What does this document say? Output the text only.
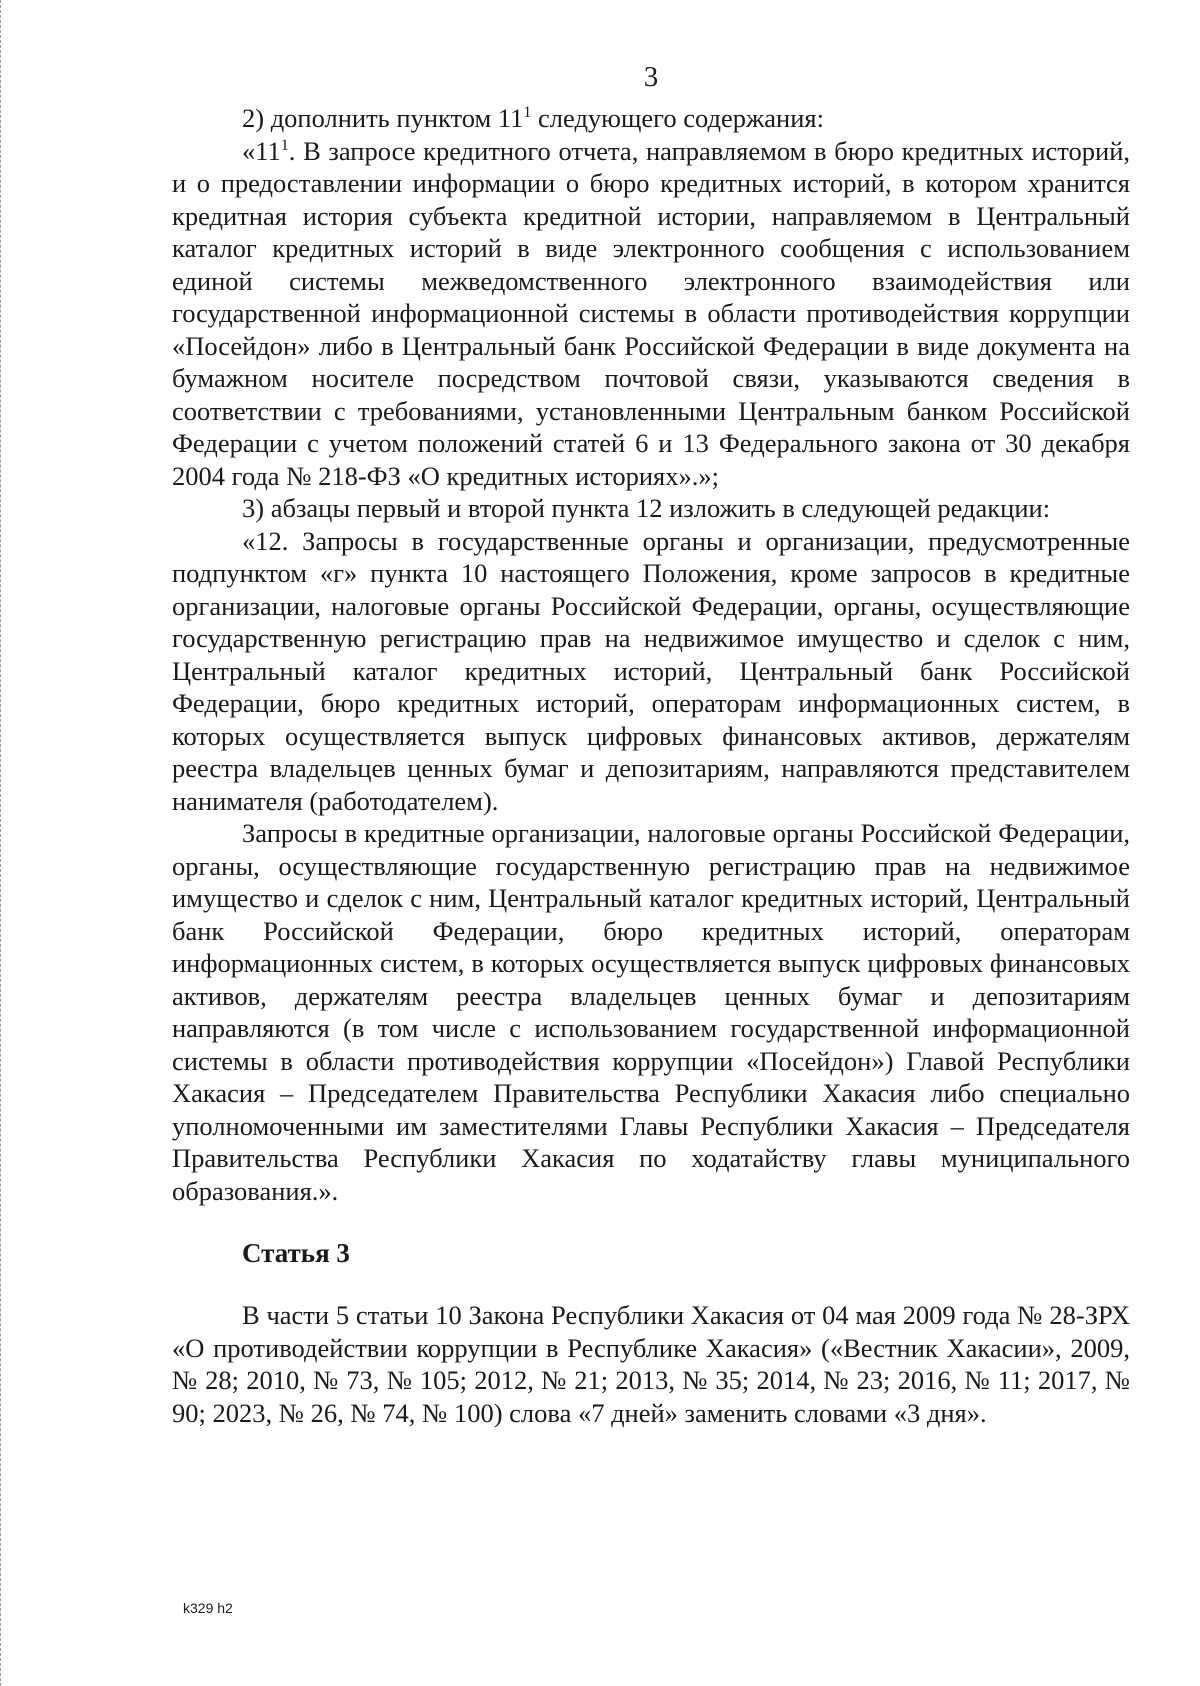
3

2) дополнить пунктом $11^1$ следующего содержания:

«$11^1$. В запросе кредитного отчета, направляемом в бюро кредитных историй, и о предоставлении информации о бюро кредитных историй, в котором хранится кредитная история субъекта кредитной истории, направляемом в Центральный каталог кредитных историй в виде электронного сообщения с использованием единой системы межведомственного электронного взаимодействия или государственной информационной системы в области противодействия коррупции «Посейдон» либо в Центральный банк Российской Федерации в виде документа на бумажном носителе посредством почтовой связи, указываются сведения в соответствии с требованиями, установленными Центральным банком Российской Федерации с учетом положений статей 6 и 13 Федерального закона от 30 декабря 2004 года № 218-ФЗ «О кредитных историях».»;

3) абзацы первый и второй пункта 12 изложить в следующей редакции:

«12. Запросы в государственные органы и организации, предусмотренные подпунктом «г» пункта 10 настоящего Положения, кроме запросов в кредитные организации, налоговые органы Российской Федерации, органы, осуществляющие государственную регистрацию прав на недвижимое имущество и сделок с ним, Центральный каталог кредитных историй, Центральный банк Российской Федерации, бюро кредитных историй, операторам информационных систем, в которых осуществляется выпуск цифровых финансовых активов, держателям реестра владельцев ценных бумаг и депозитариям, направляются представителем нанимателя (работодателем).

Запросы в кредитные организации, налоговые органы Российской Федерации, органы, осуществляющие государственную регистрацию прав на недвижимое имущество и сделок с ним, Центральный каталог кредитных историй, Центральный банк Российской Федерации, бюро кредитных историй, операторам информационных систем, в которых осуществляется выпуск цифровых финансовых активов, держателям реестра владельцев ценных бумаг и депозитариям направляются (в том числе с использованием государственной информационной системы в области противодействия коррупции «Посейдон») Главой Республики Хакасия – Председателем Правительства Республики Хакасия либо специально уполномоченными им заместителями Главы Республики Хакасия – Председателя Правительства Республики Хакасия по ходатайству главы муниципального образования.».

Статья 3

В части 5 статьи 10 Закона Республики Хакасия от 04 мая 2009 года № 28-ЗРХ «О противодействии коррупции в Республике Хакасия» («Вестник Хакасии», 2009, № 28; 2010, № 73, № 105; 2012, № 21; 2013, № 35; 2014, № 23; 2016, № 11; 2017, № 90; 2023, № 26, № 74, № 100) слова «7 дней» заменить словами «3 дня».

k329 h2
